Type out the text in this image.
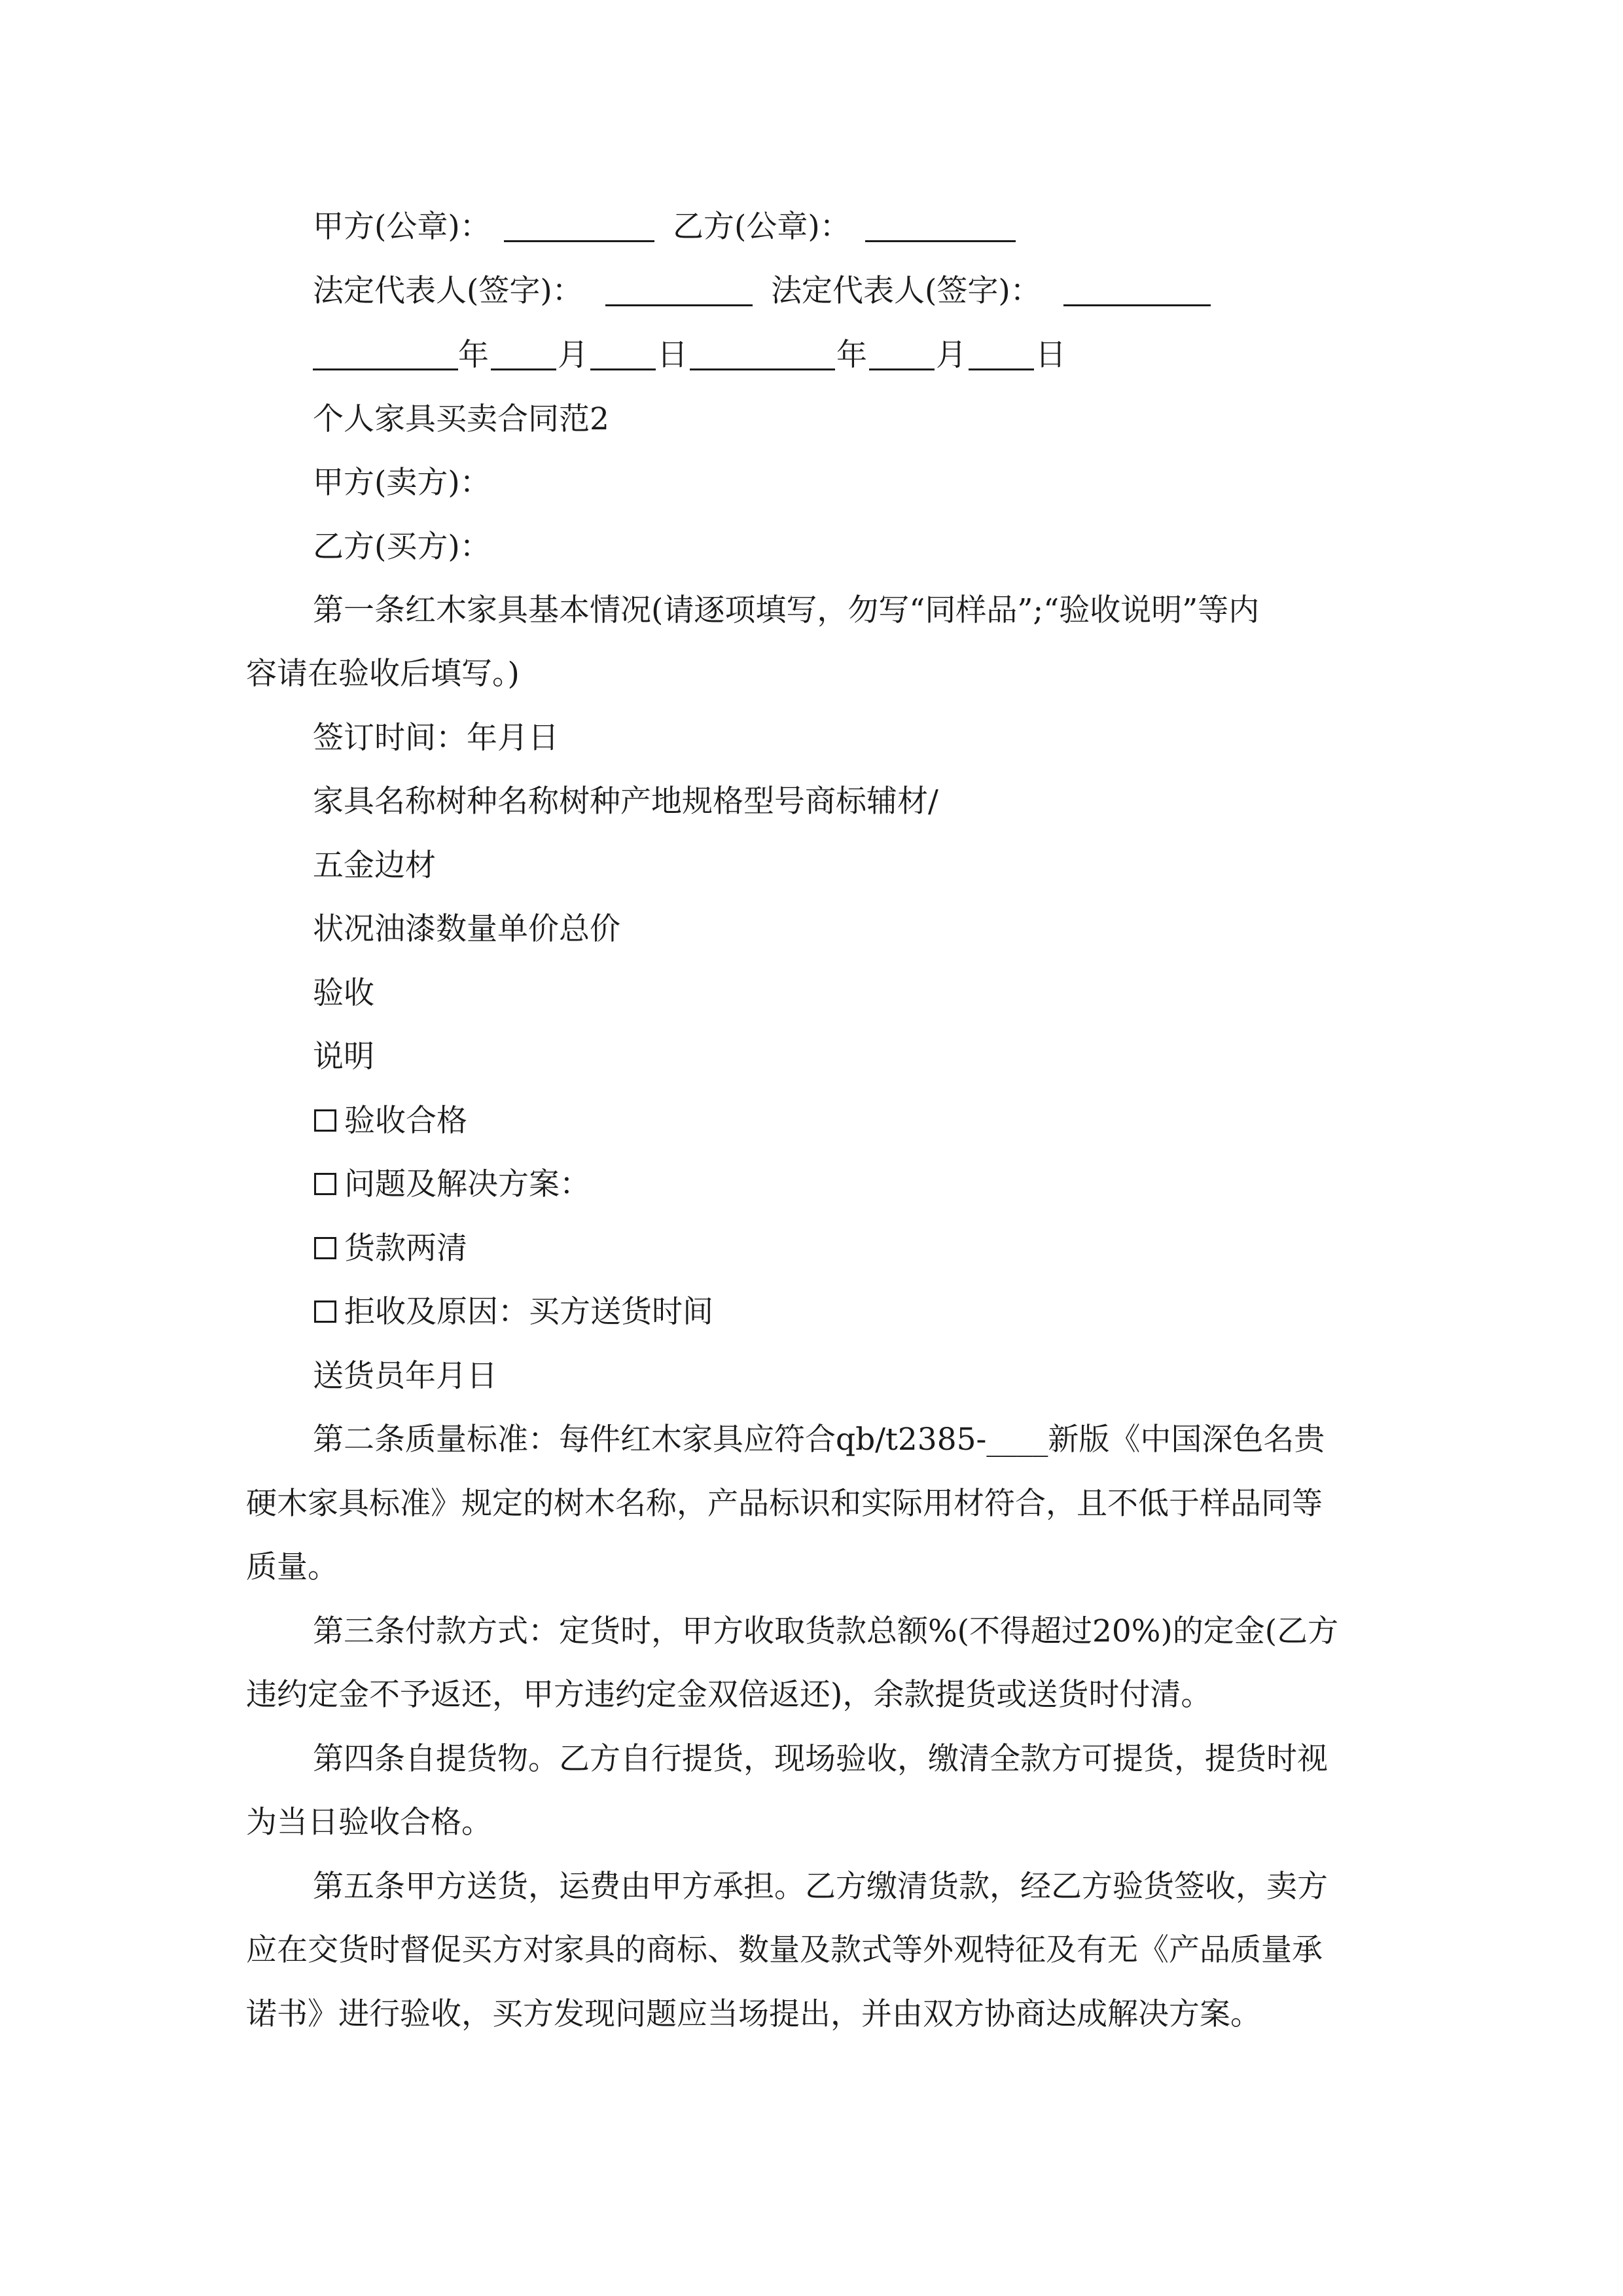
甲方(公章)：	乙方(公章)：
法定代表人(签字)：	法定代表人(签字)：
年 月 日	年 月 日
个人家具买卖合同范2
甲方(卖方)：
乙方(买方)：
第一条红木家具基本情况(请逐项填写，勿写“同样品”;“验收说明”等内
容请在验收后填写。)
签订时间：年月日
家具名称树种名称树种产地规格型号商标辅材/
五金边材
状况油漆数量单价总价
验收
说明
验收合格
问题及解决方案：
货款两清
拒收及原因：买方送货时间
送货员年月日
第二条质量标准：每件红木家具应符合qb/t2385-____新版《中国深色名贵
硬木家具标准》规定的树木名称，产品标识和实际用材符合，且不低于样品同等
质量。
第三条付款方式：定货时，甲方收取货款总额%(不得超过20%)的定金(乙方
违约定金不予返还，甲方违约定金双倍返还)，余款提货或送货时付清。
第四条自提货物。乙方自行提货，现场验收，缴清全款方可提货，提货时视
为当日验收合格。
第五条甲方送货，运费由甲方承担。乙方缴清货款，经乙方验货签收，卖方
应在交货时督促买方对家具的商标、数量及款式等外观特征及有无《产品质量承
诺书》进行验收，买方发现问题应当场提出，并由双方协商达成解决方案。
